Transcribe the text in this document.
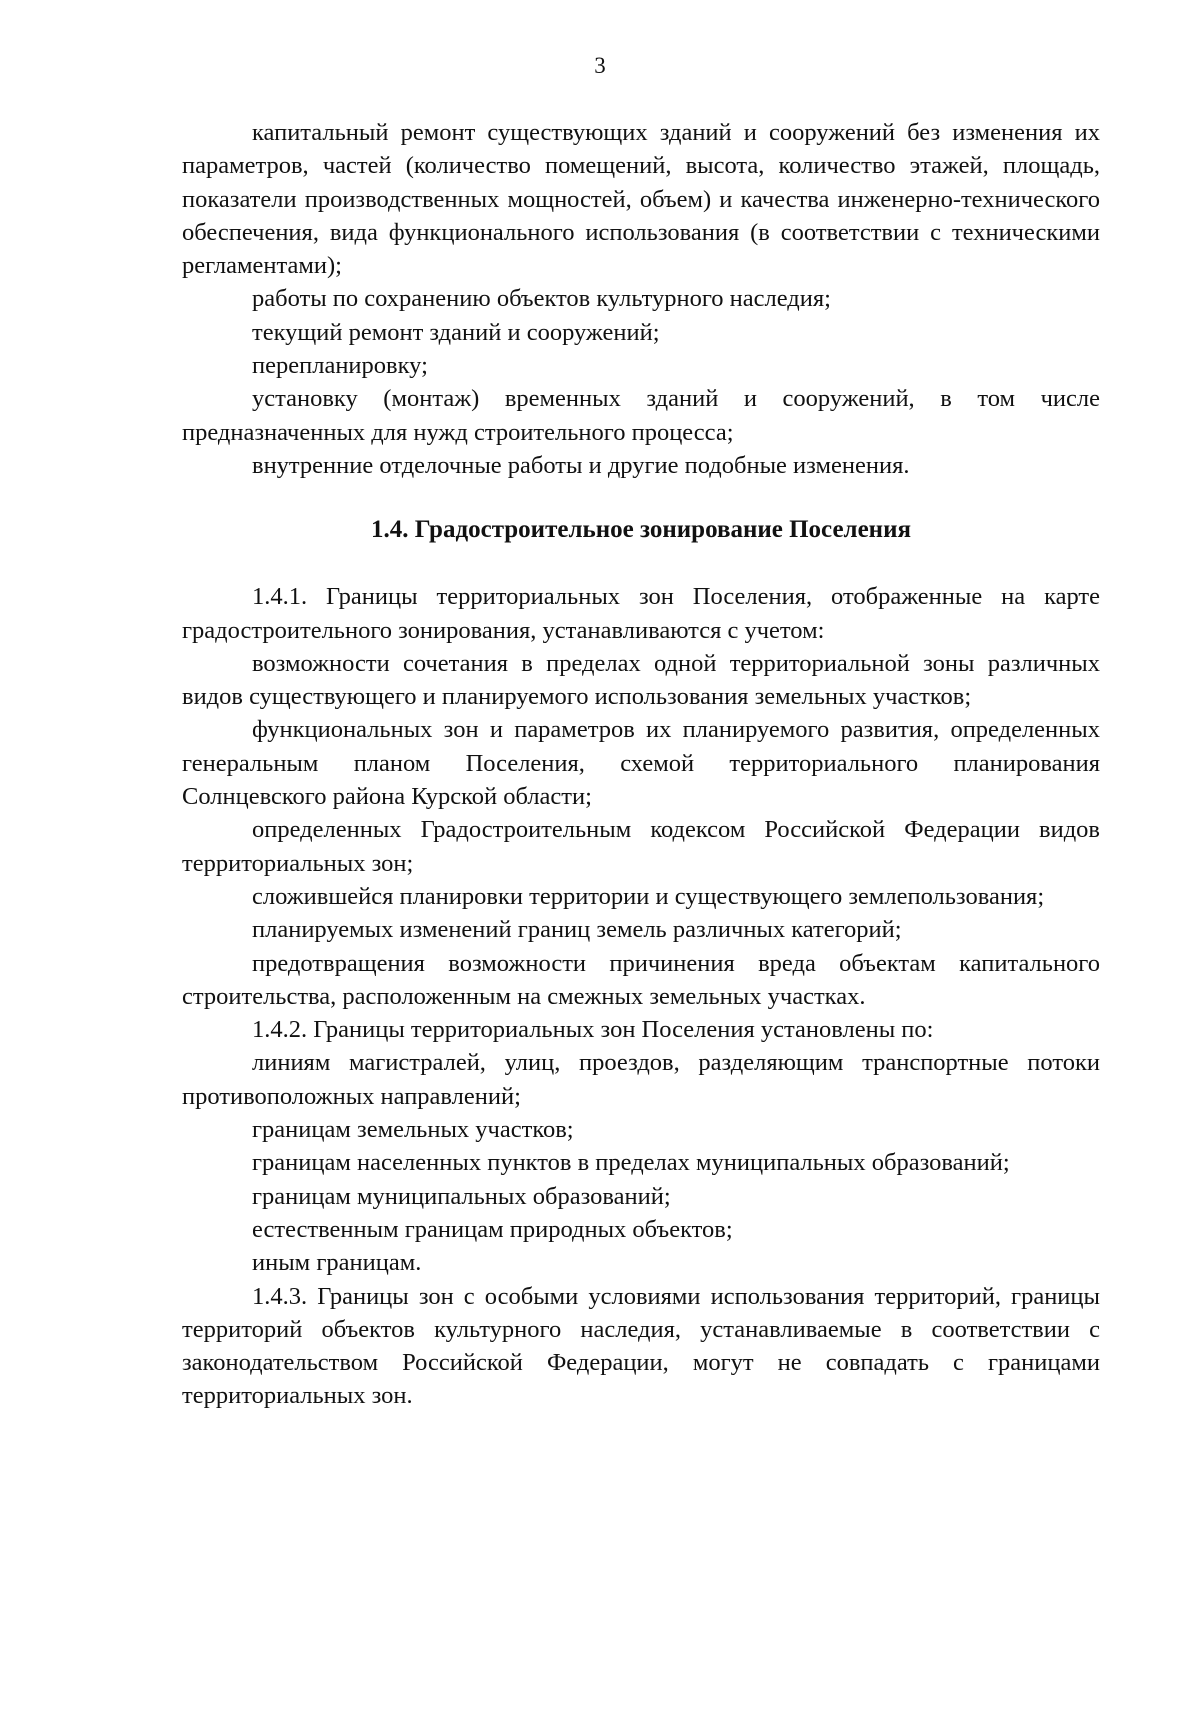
3

капитальный ремонт существующих зданий и сооружений без изменения их параметров, частей (количество помещений, высота, количество этажей, площадь, показатели производственных мощностей, объем) и качества инженерно-технического обеспечения, вида функционального использования (в соответствии с техническими регламентами);

работы по сохранению объектов культурного наследия;

текущий ремонт зданий и сооружений;

перепланировку;

установку (монтаж) временных зданий и сооружений, в том числе предназначенных для нужд строительного процесса;

внутренние отделочные работы и другие подобные изменения.

1.4. Градостроительное зонирование Поселения

1.4.1. Границы территориальных зон Поселения, отображенные на карте градостроительного зонирования, устанавливаются с учетом:

возможности сочетания в пределах одной территориальной зоны различных видов существующего и планируемого использования земельных участков;

функциональных зон и параметров их планируемого развития, определенных генеральным планом Поселения, схемой территориального планирования Солнцевского района Курской области;

определенных Градостроительным кодексом Российской Федерации видов территориальных зон;

сложившейся планировки территории и существующего землепользования;

планируемых изменений границ земель различных категорий;

предотвращения возможности причинения вреда объектам капитального строительства, расположенным на смежных земельных участках.

1.4.2. Границы территориальных зон Поселения установлены по:

линиям магистралей, улиц, проездов, разделяющим транспортные потоки противоположных направлений;

границам земельных участков;

границам населенных пунктов в пределах муниципальных образований;

границам муниципальных образований;

естественным границам природных объектов;

иным границам.

1.4.3. Границы зон с особыми условиями использования территорий, границы территорий объектов культурного наследия, устанавливаемые в соответствии с законодательством Российской Федерации, могут не совпадать с границами территориальных зон.
